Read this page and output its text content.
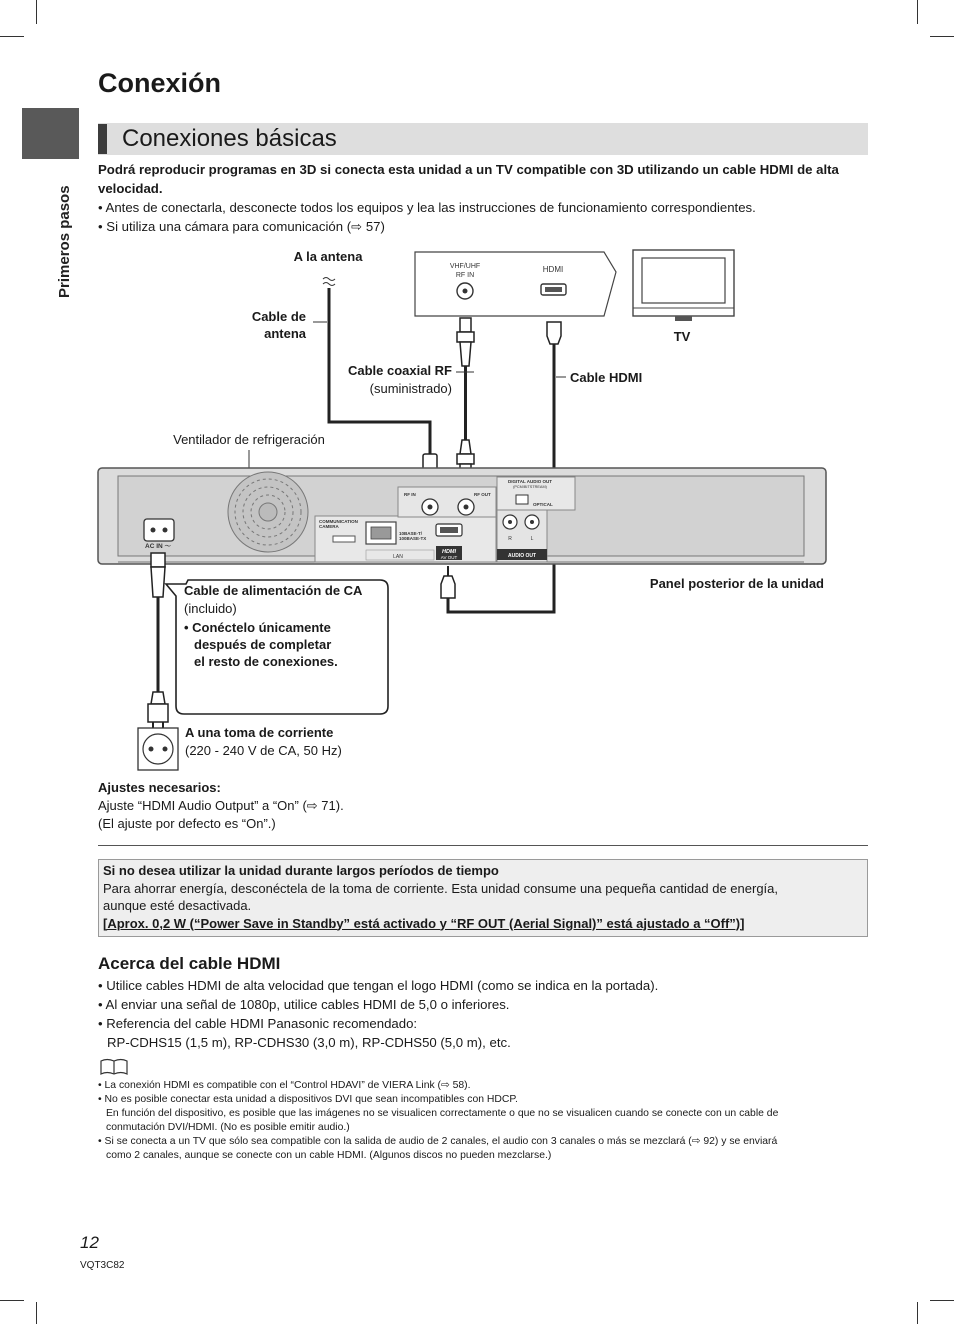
Conexión
Primeros pasos
Conexiones básicas

Podrá reproducir programas en 3D si conecta esta unidad a un TV compatible con 3D utilizando un cable HDMI de alta velocidad.

• Antes de conectarla, desconecte todos los equipos y lea las instrucciones de funcionamiento correspondientes.

• Si utiliza una cámara para comunicación (⇨ 57)

VHF/UHF
RF IN
HDMI
TV
A la antena
Cable de
antena
Cable coaxial RF
(suministrado)
Cable HDMI
Ventilador de refrigeración
AC IN ～
COMMUNICATION
CAMERA
10BASE-T/
100BASE-TX
LAN
HDMI
AV OUT
RF IN	RF OUT
DIGITAL AUDIO OUT
(PCM/BITSTREAM)
OPTICAL
R	L
AUDIO OUT
Panel posterior de la unidad
Cable de alimentación de CA
(incluido)
• Conéctelo únicamente
después de completar
el resto de conexiones.
A una toma de corriente
(220 - 240 V de CA, 50 Hz)
Ajustes necesarios:
Ajuste “HDMI Audio Output” a “On” (⇨ 71).
(El ajuste por defecto es “On”.)
Si no desea utilizar la unidad durante largos períodos de tiempo
Para ahorrar energía, desconéctela de la toma de corriente. Esta unidad consume una pequeña cantidad de energía,
aunque esté desactivada.
[Aprox. 0,2 W (“Power Save in Standby” está activado y “RF OUT (Aerial Signal)” está ajustado a “Off”)]
Acerca del cable HDMI
• Utilice cables HDMI de alta velocidad que tengan el logo HDMI (como se indica en la portada).
• Al enviar una señal de 1080p, utilice cables HDMI de 5,0 o inferiores.
• Referencia del cable HDMI Panasonic recomendado:
RP-CDHS15 (1,5 m), RP-CDHS30 (3,0 m), RP-CDHS50 (5,0 m), etc.
• La conexión HDMI es compatible con el “Control HDAVI” de VIERA Link (⇨ 58).
• No es posible conectar esta unidad a dispositivos DVI que sean incompatibles con HDCP.
En función del dispositivo, es posible que las imágenes no se visualicen correctamente o que no se visualicen cuando se conecte con un cable de
conmutación DVI/HDMI. (No es posible emitir audio.)
• Si se conecta a un TV que sólo sea compatible con la salida de audio de 2 canales, el audio con 3 canales o más se mezclará (⇨ 92) y se enviará
como 2 canales, aunque se conecte con un cable HDMI. (Algunos discos no pueden mezclarse.)
12
VQT3C82
